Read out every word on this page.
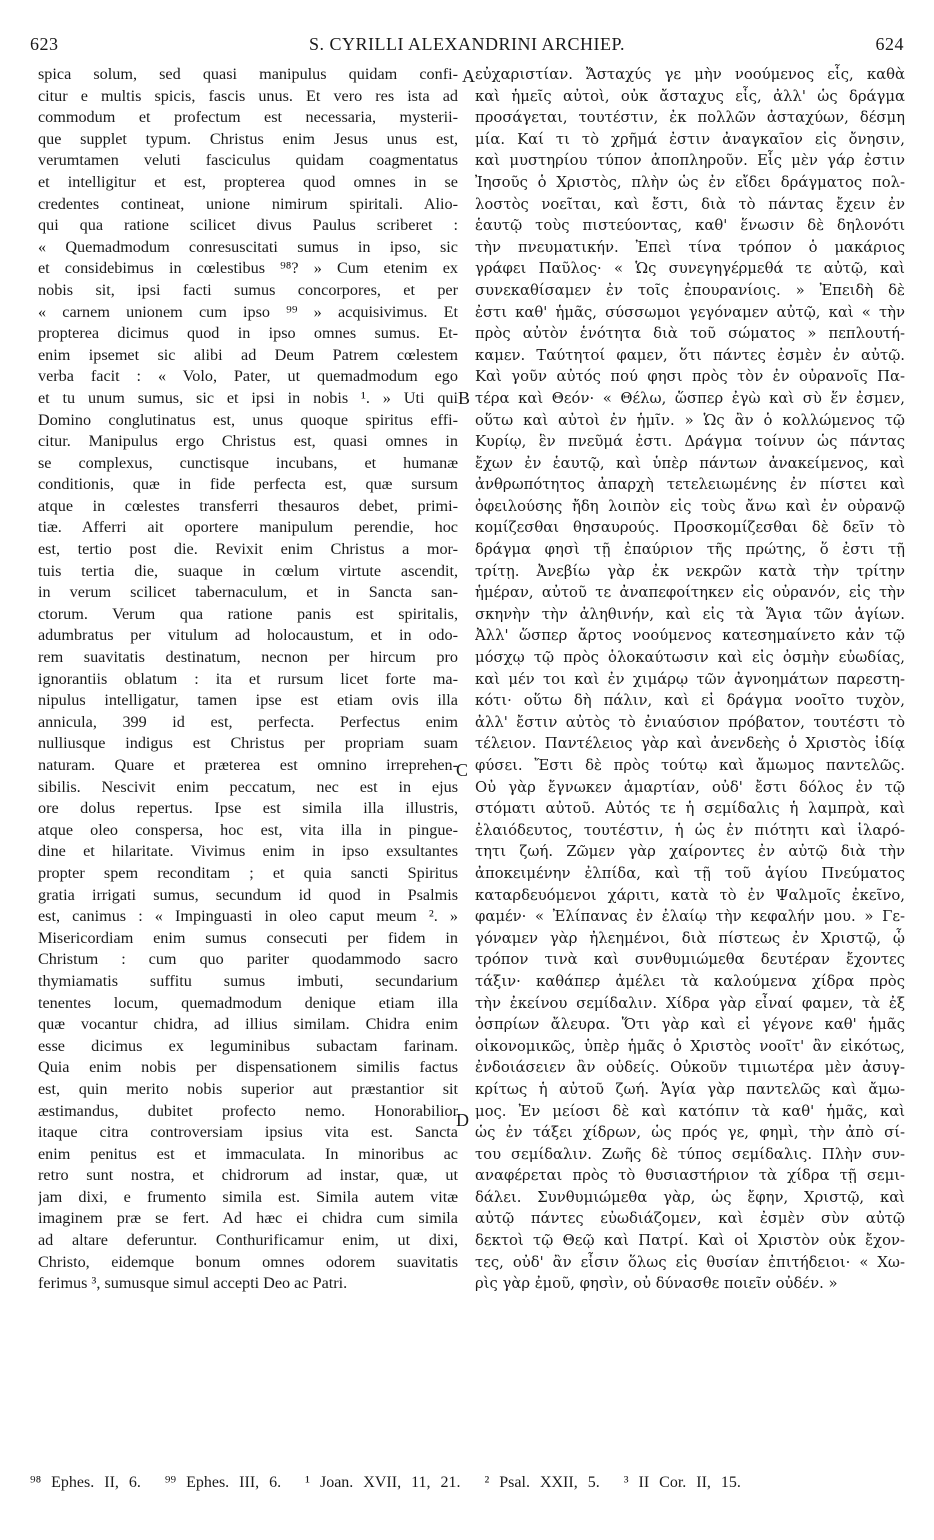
623	S. CYRILLI ALEXANDRINI ARCHIEP.	624
spica solum, sed quasi manipulus quidam confi-
citur e multis spicis, fascis unus. Et vero res ista ad
commodum et profectum est necessaria, mysterii-
que supplet typum. Christus enim Jesus unus est,
verumtamen veluti fasciculus quidam coagmentatus
et intelligitur et est, propterea quod omnes in se
credentes contineat, unione nimirum spiritali. Alio-
qui qua ratione scilicet divus Paulus scriberet :
« Quemadmodum conresuscitati sumus in ipso, sic
et considebimus in cœlestibus ⁹⁸? » Cum etenim ex
nobis sit, ipsi facti sumus concorpores, et per
« carnem unionem cum ipso ⁹⁹ » acquisivimus. Et
propterea dicimus quod in ipso omnes sumus. Et-
enim ipsemet sic alibi ad Deum Patrem cœlestem
verba facit : « Volo, Pater, ut quemadmodum ego
et tu unum sumus, sic et ipsi in nobis ¹. » Uti qui
Domino conglutinatus est, unus quoque spiritus effi-
citur. Manipulus ergo Christus est, quasi omnes in
se complexus, cunctisque incubans, et humanæ
conditionis, quæ in fide perfecta est, quæ sursum
atque in cœlestes transferri thesauros debet, primi-
tiæ. Afferri ait oportere manipulum perendie, hoc
est, tertio post die. Revixit enim Christus a mor-
tuis tertia die, suaque in cœlum virtute ascendit,
in verum scilicet tabernaculum, et in Sancta san-
ctorum. Verum qua ratione panis est spiritalis,
adumbratus per vitulum ad holocaustum, et in odo-
rem suavitatis destinatum, necnon per hircum pro
ignorantiis oblatum : ita et rursum licet forte ma-
nipulus intelligatur, tamen ipse est etiam ovis illa
annicula, 399 id est, perfecta. Perfectus enim
nulliusque indigus est Christus per propriam suam
naturam. Quare et præterea est omnino irreprehen-
sibilis. Nescivit enim peccatum, nec est in ejus
ore dolus repertus. Ipse est simila illa illustris,
atque oleo conspersa, hoc est, vita illa in pingue-
dine et hilaritate. Vivimus enim in ipso exsultantes
propter spem reconditam ; et quia sancti Spiritus
gratia irrigati sumus, secundum id quod in Psalmis
est, canimus : « Impinguasti in oleo caput meum ². »
Misericordiam enim sumus consecuti per fidem in
Christum : cum quo pariter quodammodo sacro
thymiamatis suffitu sumus imbuti, secundarium
tenentes locum, quemadmodum denique etiam illa
quæ vocantur chidra, ad illius similam. Chidra enim
esse dicimus ex leguminibus subactam farinam.
Quia enim nobis per dispensationem similis factus
est, quin merito nobis superior aut præstantior sit
æstimandus, dubitet profecto nemo. Honorabilior
itaque citra controversiam ipsius vita est. Sancta
enim penitus est et immaculata. In minoribus ac
retro sunt nostra, et chidrorum ad instar, quæ, ut
jam dixi, e frumento simila est. Simila autem vitæ
imaginem præ se fert. Ad hæc ei chidra cum simila
ad altare deferuntur. Conthurificamur enim, ut dixi,
Christo, eidemque bonum omnes odorem suavitatis
ferimus ³, sumusque simul accepti Deo ac Patri.
εὐχαριστίαν. Ἄσταχύς γε μὴν νοούμενος εἷς, καθὰ
καὶ ἡμεῖς αὐτοὶ, οὐκ ἄσταχυς εἷς, ἀλλ' ὡς δράγμα
προσάγεται, τουτέστιν, ἐκ πολλῶν ἀσταχύων, δέσμη
μία. Καί τι τὸ χρῆμά ἐστιν ἀναγκαῖον εἰς ὄνησιν,
καὶ μυστηρίου τύπον ἀποπληροῦν. Εἷς μὲν γάρ ἐστιν
Ἰησοῦς ὁ Χριστὸς, πλὴν ὡς ἐν εἴδει δράγματος πολ-
λοστὸς νοεῖται, καὶ ἔστι, διὰ τὸ πάντας ἔχειν ἐν
ἑαυτῷ τοὺς πιστεύοντας, καθ' ἕνωσιν δὲ δηλονότι
τὴν πνευματικήν. Ἐπεὶ τίνα τρόπον ὁ μακάριος
γράφει Παῦλος· « Ὡς συνεγηγέρμεθά τε αὐτῷ, καὶ
συνεκαθίσαμεν ἐν τοῖς ἐπουρανίοις. » Ἐπειδὴ δὲ
ἐστι καθ' ἡμᾶς, σύσσωμοι γεγόναμεν αὐτῷ, καὶ « τὴν
πρὸς αὐτὸν ἑνότητα διὰ τοῦ σώματος » πεπλουτή-
καμεν. Ταύτητοί φαμεν, ὅτι πάντες ἐσμὲν ἐν αὐτῷ.
Καὶ γοῦν αὐτός πού φησι πρὸς τὸν ἐν οὐρανοῖς Πα-
τέρα καὶ Θεόν· « Θέλω, ὥσπερ ἐγὼ καὶ σὺ ἕν ἐσμεν,
οὕτω καὶ αὐτοὶ ἐν ἡμῖν. » Ὡς ἂν ὁ κολλώμενος τῷ
Κυρίῳ, ἓν πνεῦμά ἐστι. Δράγμα τοίνυν ὡς πάντας
ἔχων ἐν ἑαυτῷ, καὶ ὑπὲρ πάντων ἀνακείμενος, καὶ
ἀνθρωπότητος ἀπαρχὴ τετελειωμένης ἐν πίστει καὶ
ὀφειλούσης ἤδη λοιπὸν εἰς τοὺς ἄνω καὶ ἐν οὐρανῷ
κομίζεσθαι θησαυρούς. Προσκομίζεσθαι δὲ δεῖν τὸ
δράγμα φησὶ τῇ ἐπαύριον τῆς πρώτης, ὅ ἐστι τῇ
τρίτῃ. Ἀνεβίω γὰρ ἐκ νεκρῶν κατὰ τὴν τρίτην
ἡμέραν, αὐτοῦ τε ἀναπεφοίτηκεν εἰς οὐρανόν, εἰς τὴν
σκηνὴν τὴν ἀληθινήν, καὶ εἰς τὰ Ἅγια τῶν ἁγίων.
Ἀλλ' ὥσπερ ἄρτος νοούμενος κατεσημαίνετο κἀν τῷ
μόσχῳ τῷ πρὸς ὁλοκαύτωσιν καὶ εἰς ὀσμὴν εὐωδίας,
καὶ μέν τοι καὶ ἐν χιμάρῳ τῶν ἀγνοημάτων παρεστη-
κότι· οὕτω δὴ πάλιν, καὶ εἰ δράγμα νοοῖτο τυχὸν,
ἀλλ' ἔστιν αὐτὸς τὸ ἐνιαύσιον πρόβατον, τουτέστι τὸ
τέλειον. Παντέλειος γὰρ καὶ ἀνενδεὴς ὁ Χριστὸς ἰδίᾳ
φύσει. Ἔστι δὲ πρὸς τούτῳ καὶ ἄμωμος παντελῶς.
Οὐ γὰρ ἔγνωκεν ἁμαρτίαν, οὐδ' ἔστι δόλος ἐν τῷ
στόματι αὐτοῦ. Αὐτός τε ἡ σεμίδαλις ἡ λαμπρὰ, καὶ
ἐλαιόδευτος, τουτέστιν, ἡ ὡς ἐν πιότητι καὶ ἱλαρό-
τητι ζωή. Ζῶμεν γὰρ χαίροντες ἐν αὐτῷ διὰ τὴν
ἀποκειμένην ἐλπίδα, καὶ τῇ τοῦ ἁγίου Πνεύματος
καταρδευόμενοι χάριτι, κατὰ τὸ ἐν Ψαλμοῖς ἐκεῖνο,
φαμέν· « Ἐλίπανας ἐν ἐλαίῳ τὴν κεφαλήν μου. » Γε-
γόναμεν γὰρ ἠλεημένοι, διὰ πίστεως ἐν Χριστῷ, ᾧ
τρόπον τινὰ καὶ συνθυμιώμεθα δευτέραν ἔχοντες
τάξιν· καθάπερ ἀμέλει τὰ καλούμενα χίδρα πρὸς
τὴν ἐκείνου σεμίδαλιν. Χίδρα γὰρ εἶναί φαμεν, τὰ ἐξ
ὀσπρίων ἄλευρα. Ὅτι γὰρ καὶ εἰ γέγονε καθ' ἡμᾶς
οἰκονομικῶς, ὑπὲρ ἡμᾶς ὁ Χριστὸς νοοῖτ' ἂν εἰκότως,
ἐνδοιάσειεν ἂν οὐδείς. Οὐκοῦν τιμιωτέρα μὲν ἀσυγ-
κρίτως ἡ αὐτοῦ ζωή. Ἁγία γὰρ παντελῶς καὶ ἄμω-
μος. Ἐν μείοσι δὲ καὶ κατόπιν τὰ καθ' ἡμᾶς, καὶ
ὡς ἐν τάξει χίδρων, ὡς πρός γε, φημὶ, τὴν ἀπὸ σί-
του σεμίδαλιν. Ζωῆς δὲ τύπος σεμίδαλις. Πλὴν συν-
αναφέρεται πρὸς τὸ θυσιαστήριον τὰ χίδρα τῇ σεμι-
δάλει. Συνθυμιώμεθα γὰρ, ὡς ἔφην, Χριστῷ, καὶ
αὐτῷ πάντες εὐωδιάζομεν, καὶ ἐσμὲν σὺν αὐτῷ
δεκτοὶ τῷ Θεῷ καὶ Πατρί. Καὶ οἱ Χριστὸν οὐκ ἔχον-
τες, οὐδ' ἂν εἶσιν ὅλως εἰς θυσίαν ἐπιτήδειοι· « Χω-
ρὶς γὰρ ἐμοῦ, φησὶν, οὐ δύνασθε ποιεῖν οὐδέν. »
A
B
C
D
⁹⁸ Ephes. II, 6. ⁹⁹ Ephes. III, 6. ¹ Joan. XVII, 11, 21. ² Psal. XXII, 5. ³ II Cor. II, 15.
